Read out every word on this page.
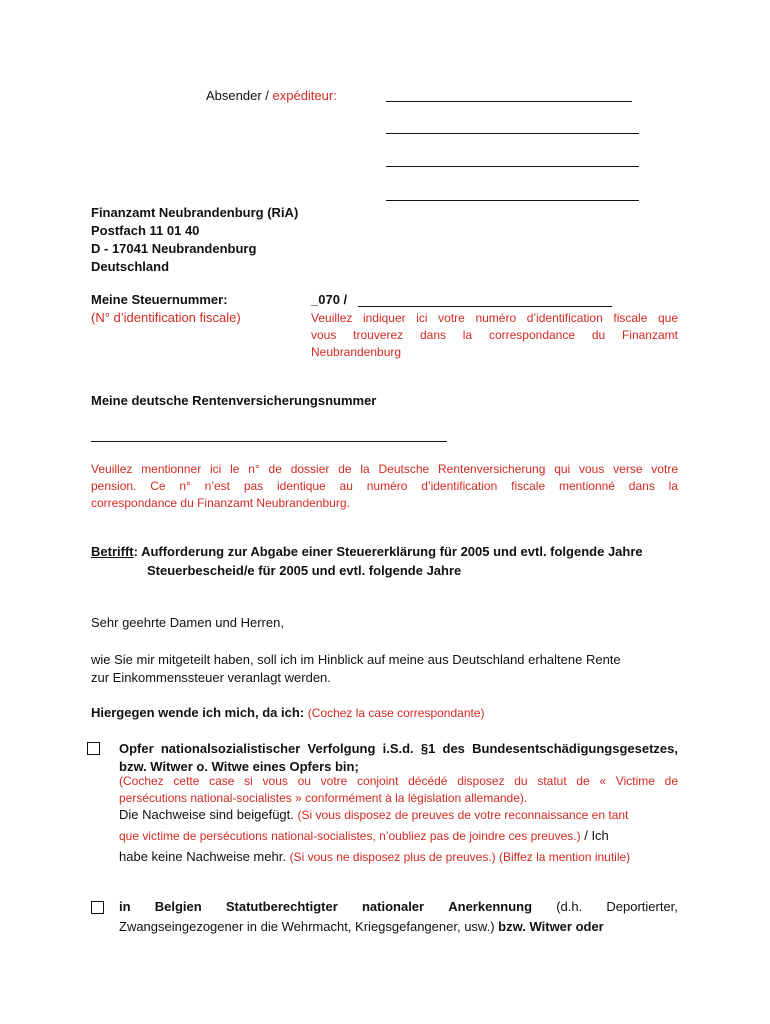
Absender / expéditeur:
Finanzamt Neubrandenburg (RiA)
Postfach 11 01 40
D - 17041 Neubrandenburg
Deutschland
Meine Steuernummer:
(N° d’identification fiscale)
_070 /
Veuillez indiquer ici votre numéro d’identification fiscale que
vous trouverez dans la correspondance du Finanzamt
Neubrandenburg
Meine deutsche Rentenversicherungsnummer
Veuillez mentionner ici le n° de dossier de la Deutsche Rentenversicherung qui vous verse votre
pension. Ce n° n’est pas identique au numéro d’identification fiscale mentionné dans la
correspondance du Finanzamt Neubrandenburg.
Betrifft: Aufforderung zur Abgabe einer Steuererklärung für 2005 und evtl. folgende Jahre
Steuerbescheid/e für 2005 und evtl. folgende Jahre
Sehr geehrte Damen und Herren,
wie Sie mir mitgeteilt haben, soll ich im Hinblick auf meine aus Deutschland erhaltene Rente
zur Einkommenssteuer veranlagt werden.
Hiergegen wende ich mich, da ich: (Cochez la case correspondante)
Opfer nationalsozialistischer Verfolgung i.S.d. §1 des Bundesentschädigungsgesetzes,
bzw. Witwer o. Witwe eines Opfers bin;
(Cochez cette case si vous ou votre conjoint décédé disposez du statut de « Victime de
persécutions national-socialistes » conformément à la législation allemande).
Die Nachweise sind beigefügt. (Si vous disposez de preuves de votre reconnaissance en tant
que victime de persécutions national-socialistes, n’oubliez pas de joindre ces preuves.) / Ich
habe keine Nachweise mehr. (Si vous ne disposez plus de preuves.) (Biffez la mention inutile)
in Belgien Statutberechtigter nationaler Anerkennung (d.h. Deportierter,
Zwangseingezogener in die Wehrmacht, Kriegsgefangener, usw.) bzw. Witwer oder
